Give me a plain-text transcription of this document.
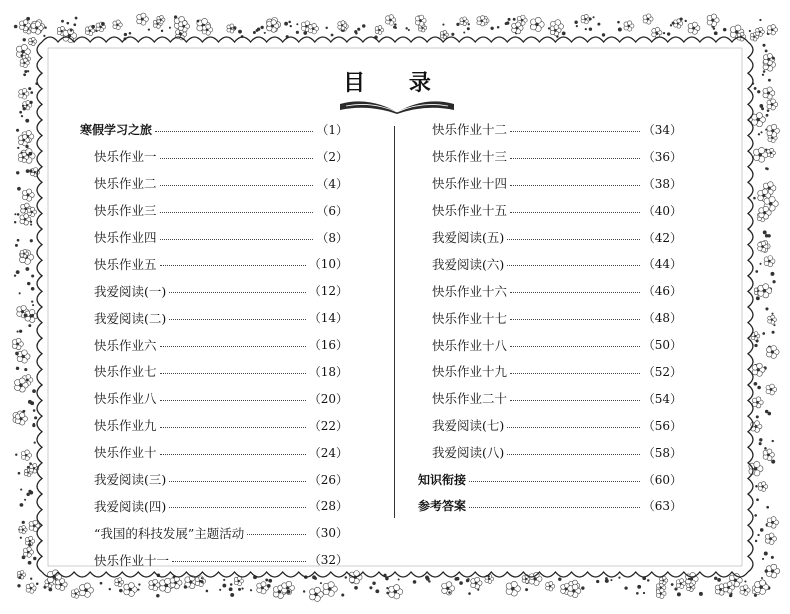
目 录
寒假学习之旅	（1）
快乐作业一	（2）
快乐作业二	（4）
快乐作业三	（6）
快乐作业四	（8）
快乐作业五	（10）
我爱阅读(一)	（12）
我爱阅读(二)	（14）
快乐作业六	（16）
快乐作业七	（18）
快乐作业八	（20）
快乐作业九	（22）
快乐作业十	（24）
我爱阅读(三)	（26）
我爱阅读(四)	（28）
“我国的科技发展”主题活动	（30）
快乐作业十一	（32）
快乐作业十二	（34）
快乐作业十三	（36）
快乐作业十四	（38）
快乐作业十五	（40）
我爱阅读(五)	（42）
我爱阅读(六)	（44）
快乐作业十六	（46）
快乐作业十七	（48）
快乐作业十八	（50）
快乐作业十九	（52）
快乐作业二十	（54）
我爱阅读(七)	（56）
我爱阅读(八)	（58）
知识衔接	（60）
参考答案	（63）
